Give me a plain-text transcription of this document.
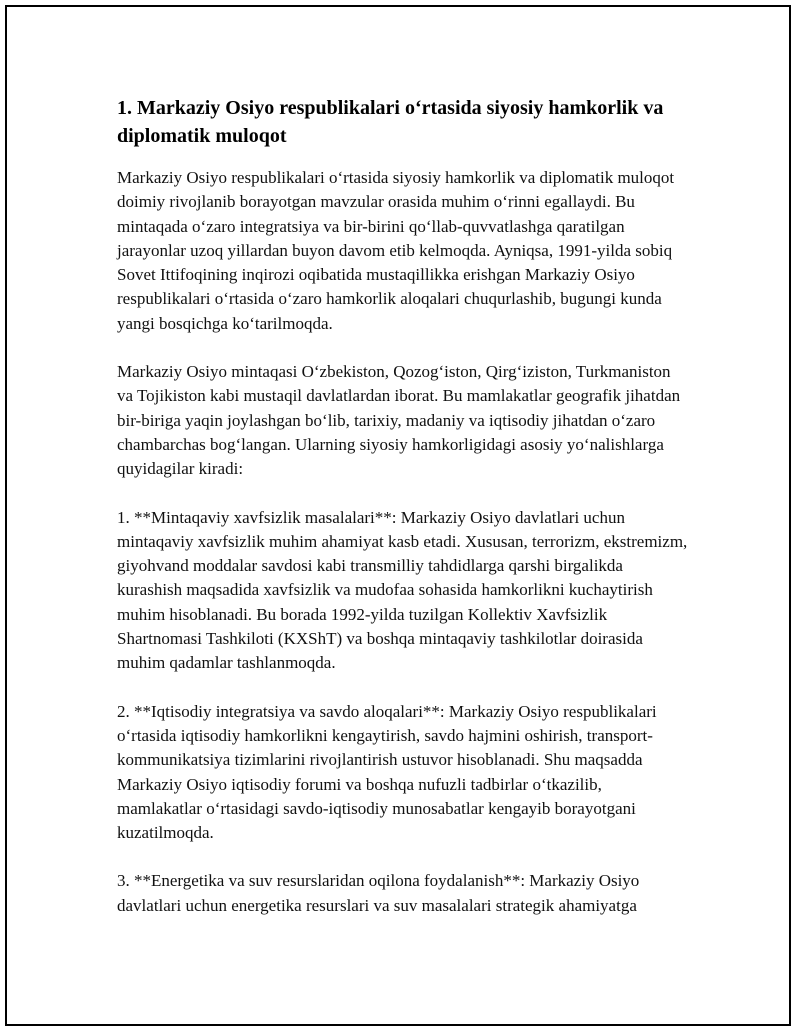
1. Markaziy Osiyo respublikalari o‘rtasida siyosiy hamkorlik va diplomatik muloqot

Markaziy Osiyo respublikalari o‘rtasida siyosiy hamkorlik va diplomatik muloqot doimiy rivojlanib borayotgan mavzular orasida muhim o‘rinni egallaydi. Bu mintaqada o‘zaro integratsiya va bir-birini qo‘llab-quvvatlashga qaratilgan jarayonlar uzoq yillardan buyon davom etib kelmoqda. Ayniqsa, 1991-yilda sobiq Sovet Ittifoqining inqirozi oqibatida mustaqillikka erishgan Markaziy Osiyo respublikalari o‘rtasida o‘zaro hamkorlik aloqalari chuqurlashib, bugungi kunda yangi bosqichga ko‘tarilmoqda.

Markaziy Osiyo mintaqasi O‘zbekiston, Qozog‘iston, Qirg‘iziston, Turkmaniston va Tojikiston kabi mustaqil davlatlardan iborat. Bu mamlakatlar geografik jihatdan bir-biriga yaqin joylashgan bo‘lib, tarixiy, madaniy va iqtisodiy jihatdan o‘zaro chambarchas bog‘langan. Ularning siyosiy hamkorligidagi asosiy yo‘nalishlarga quyidagilar kiradi:

1. **Mintaqaviy xavfsizlik masalalari**: Markaziy Osiyo davlatlari uchun mintaqaviy xavfsizlik muhim ahamiyat kasb etadi. Xususan, terrorizm, ekstremizm, giyohvand moddalar savdosi kabi transmilliy tahdidlarga qarshi birgalikda kurashish maqsadida xavfsizlik va mudofaa sohasida hamkorlikni kuchaytirish muhim hisoblanadi. Bu borada 1992-yilda tuzilgan Kollektiv Xavfsizlik Shartnomasi Tashkiloti (KXShT) va boshqa mintaqaviy tashkilotlar doirasida muhim qadamlar tashlanmoqda.

2. **Iqtisodiy integratsiya va savdo aloqalari**: Markaziy Osiyo respublikalari o‘rtasida iqtisodiy hamkorlikni kengaytirish, savdo hajmini oshirish, transport-kommunikatsiya tizimlarini rivojlantirish ustuvor hisoblanadi. Shu maqsadda Markaziy Osiyo iqtisodiy forumi va boshqa nufuzli tadbirlar o‘tkazilib, mamlakatlar o‘rtasidagi savdo-iqtisodiy munosabatlar kengayib borayotgani kuzatilmoqda.

3. **Energetika va suv resurslaridan oqilona foydalanish**: Markaziy Osiyo davlatlari uchun energetika resurslari va suv masalalari strategik ahamiyatga
